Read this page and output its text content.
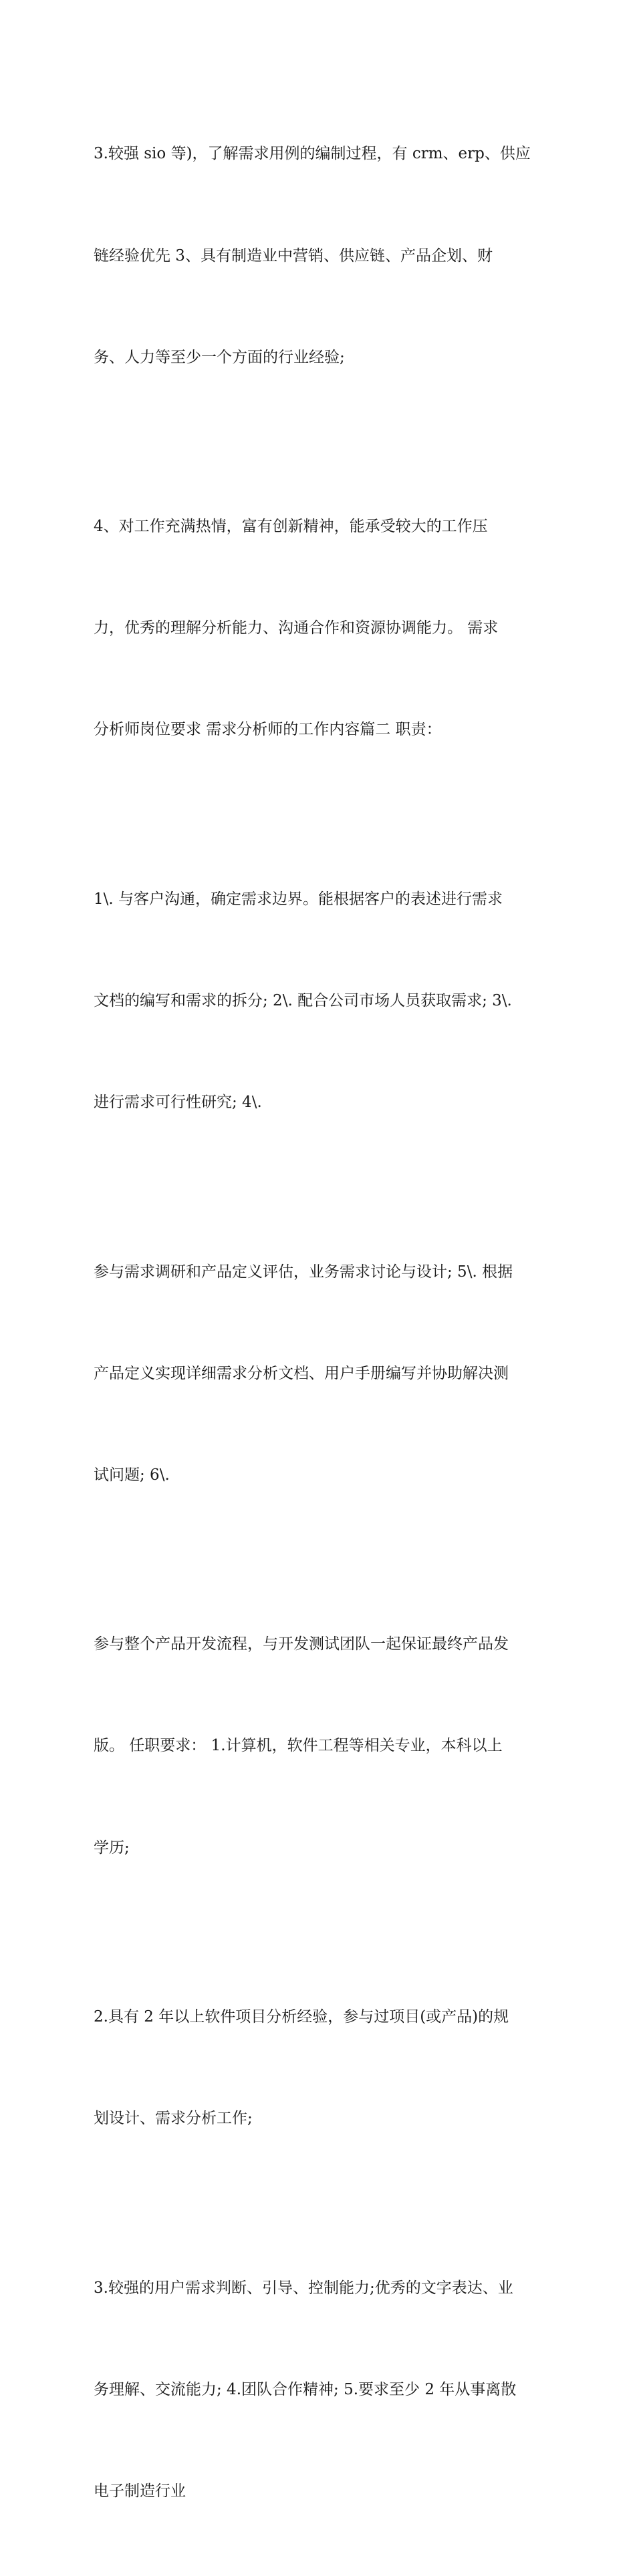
3.较强 sio 等)，了解需求用例的编制过程，有 crm、erp、供应

链经验优先 3、具有制造业中营销、供应链、产品企划、财

务、人力等至少一个方面的行业经验;

4、对工作充满热情，富有创新精神，能承受较大的工作压

力，优秀的理解分析能力、沟通合作和资源协调能力。 需求

分析师岗位要求 需求分析师的工作内容篇二 职责：

1\. 与客户沟通，确定需求边界。能根据客户的表述进行需求

文档的编写和需求的拆分; 2\. 配合公司市场人员获取需求; 3\.

进行需求可行性研究; 4\.

参与需求调研和产品定义评估，业务需求讨论与设计; 5\. 根据

产品定义实现详细需求分析文档、用户手册编写并协助解决测

试问题; 6\.

参与整个产品开发流程，与开发测试团队一起保证最终产品发

版。 任职要求： 1.计算机，软件工程等相关专业，本科以上

学历;

2.具有 2 年以上软件项目分析经验，参与过项目(或产品)的规

划设计、需求分析工作;

3.较强的用户需求判断、引导、控制能力;优秀的文字表达、业

务理解、交流能力; 4.团队合作精神; 5.要求至少 2 年从事离散

电子制造行业
